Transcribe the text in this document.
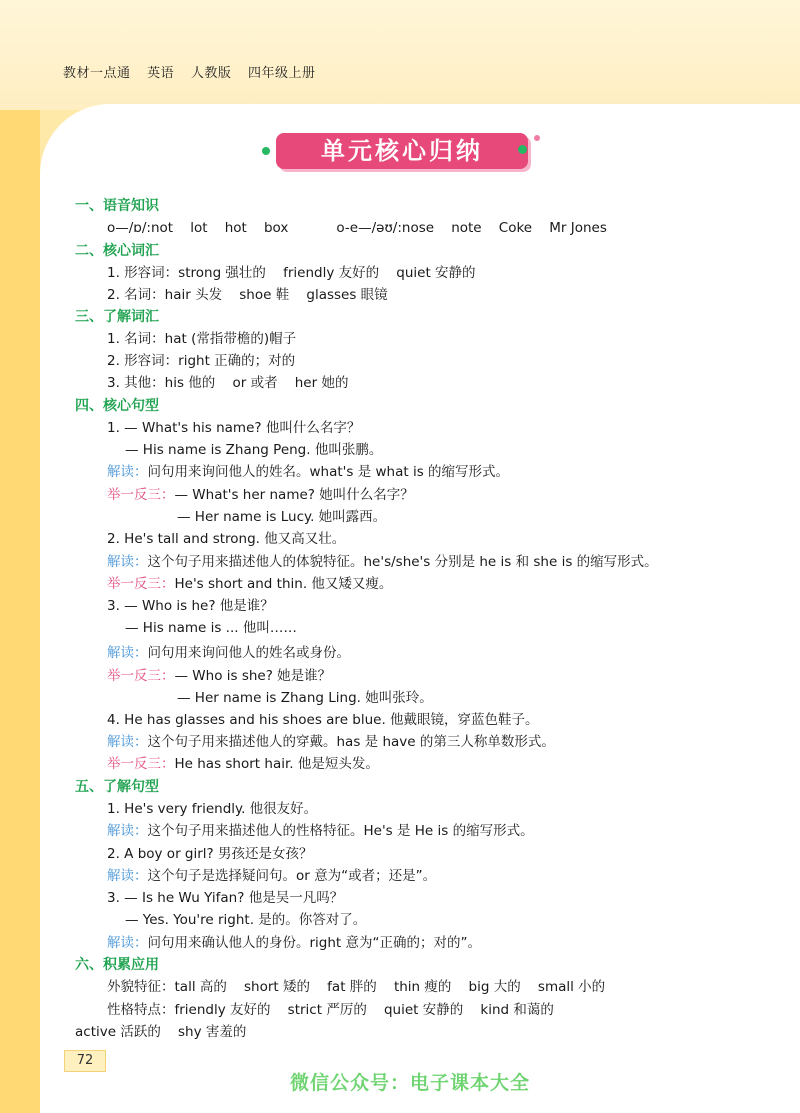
教材一点通 英语 人教版 四年级上册
单元核心归纳
一、语音知识
o—/ɒ/:not    lot    hot    box	o-e—/əʊ/:nose    note    Coke    Mr Jones
二、核心词汇
1. 形容词：strong 强壮的    friendly 友好的    quiet 安静的
2. 名词：hair 头发    shoe 鞋    glasses 眼镜
三、了解词汇
1. 名词：hat (常指带檐的)帽子
2. 形容词：right 正确的；对的
3. 其他：his 他的    or 或者    her 她的
四、核心句型
1. — What's his name? 他叫什么名字？
— His name is Zhang Peng. 他叫张鹏。
解读：问句用来询问他人的姓名。what's 是 what is 的缩写形式。
举一反三：— What's her name? 她叫什么名字？
— Her name is Lucy. 她叫露西。
2. He's tall and strong. 他又高又壮。
解读：这个句子用来描述他人的体貌特征。he's/she's 分别是 he is 和 she is 的缩写形式。
举一反三：He's short and thin. 他又矮又瘦。
3. — Who is he? 他是谁？
— His name is ... 他叫……
解读：问句用来询问他人的姓名或身份。
举一反三：— Who is she? 她是谁？
— Her name is Zhang Ling. 她叫张玲。
4. He has glasses and his shoes are blue. 他戴眼镜，穿蓝色鞋子。
解读：这个句子用来描述他人的穿戴。has 是 have 的第三人称单数形式。
举一反三：He has short hair. 他是短头发。
五、了解句型
1. He's very friendly. 他很友好。
解读：这个句子用来描述他人的性格特征。He's 是 He is 的缩写形式。
2. A boy or girl? 男孩还是女孩？
解读：这个句子是选择疑问句。or 意为“或者；还是”。
3. — Is he Wu Yifan? 他是吴一凡吗？
— Yes. You're right. 是的。你答对了。
解读：问句用来确认他人的身份。right 意为“正确的；对的”。
六、积累应用
外貌特征：tall 高的    short 矮的    fat 胖的    thin 瘦的    big 大的    small 小的
性格特点：friendly 友好的    strict 严厉的    quiet 安静的    kind 和蔼的
active 活跃的    shy 害羞的
72
微信公众号：电子课本大全
